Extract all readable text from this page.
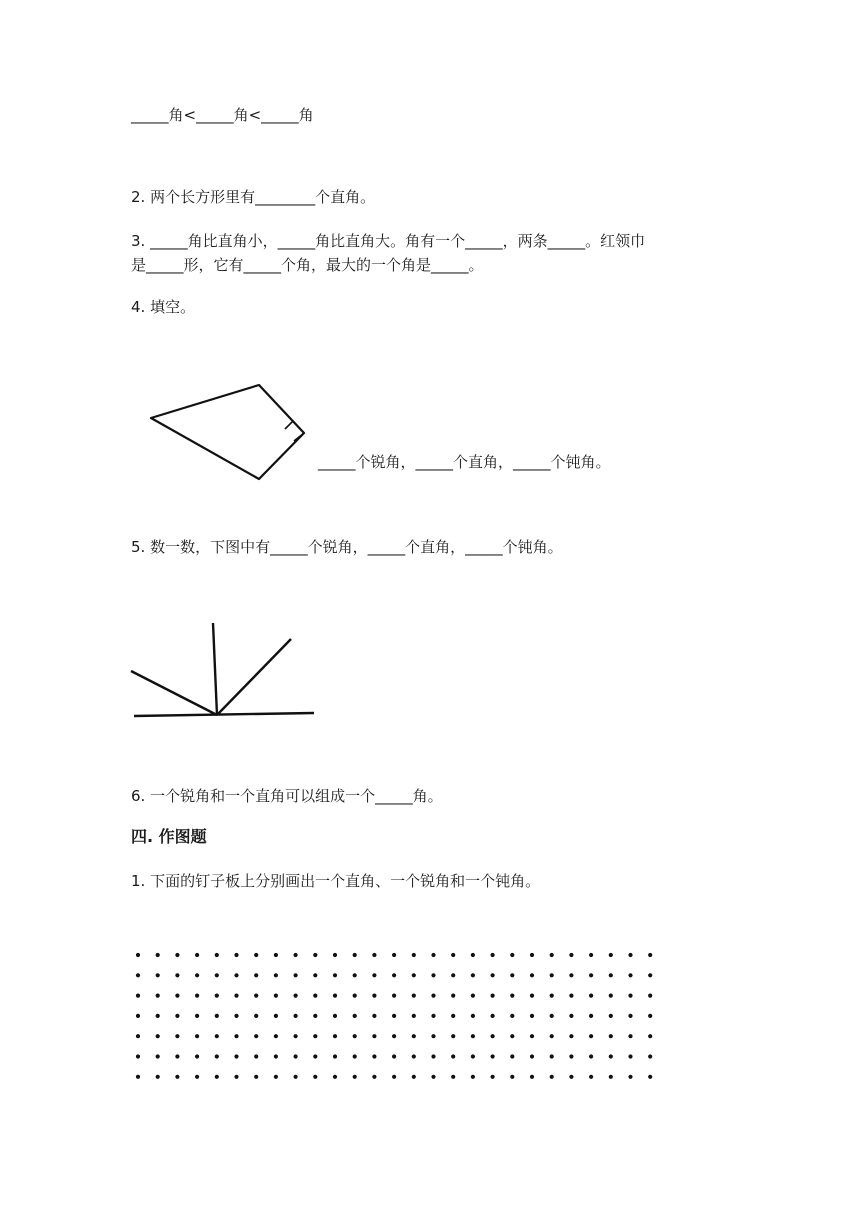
_____角<_____角<_____角
2. 两个长方形里有________个直角。
3. _____角比直角小，_____角比直角大。角有一个_____，两条_____。红领巾
是_____形，它有_____个角，最大的一个角是_____。
4. 填空。
_____个锐角，_____个直角，_____个钝角。
5. 数一数，下图中有_____个锐角，_____个直角，_____个钝角。
6. 一个锐角和一个直角可以组成一个_____角。
四. 作图题
1. 下面的钉子板上分别画出一个直角、一个锐角和一个钝角。
